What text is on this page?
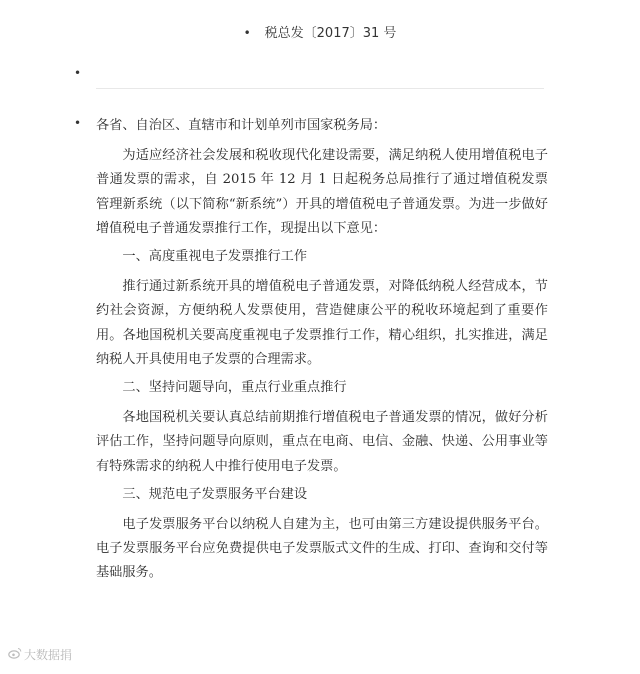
• 税总发〔2017〕31 号
•
• 各省、自治区、直辖市和计划单列市国家税务局：

为适应经济社会发展和税收现代化建设需要，满足纳税人使用增值税电子普通发票的需求，自 2015 年 12 月 1 日起税务总局推行了通过增值税发票管理新系统（以下简称“新系统”）开具的增值税电子普通发票。为进一步做好增值税电子普通发票推行工作，现提出以下意见：

一、高度重视电子发票推行工作

推行通过新系统开具的增值税电子普通发票，对降低纳税人经营成本，节约社会资源，方便纳税人发票使用，营造健康公平的税收环境起到了重要作用。各地国税机关要高度重视电子发票推行工作，精心组织，扎实推进，满足纳税人开具使用电子发票的合理需求。

二、坚持问题导向，重点行业重点推行

各地国税机关要认真总结前期推行增值税电子普通发票的情况，做好分析评估工作，坚持问题导向原则，重点在电商、电信、金融、快递、公用事业等有特殊需求的纳税人中推行使用电子发票。

三、规范电子发票服务平台建设

电子发票服务平台以纳税人自建为主，也可由第三方建设提供服务平台。电子发票服务平台应免费提供电子发票版式文件的生成、打印、查询和交付等基础服务。

大数据捐
